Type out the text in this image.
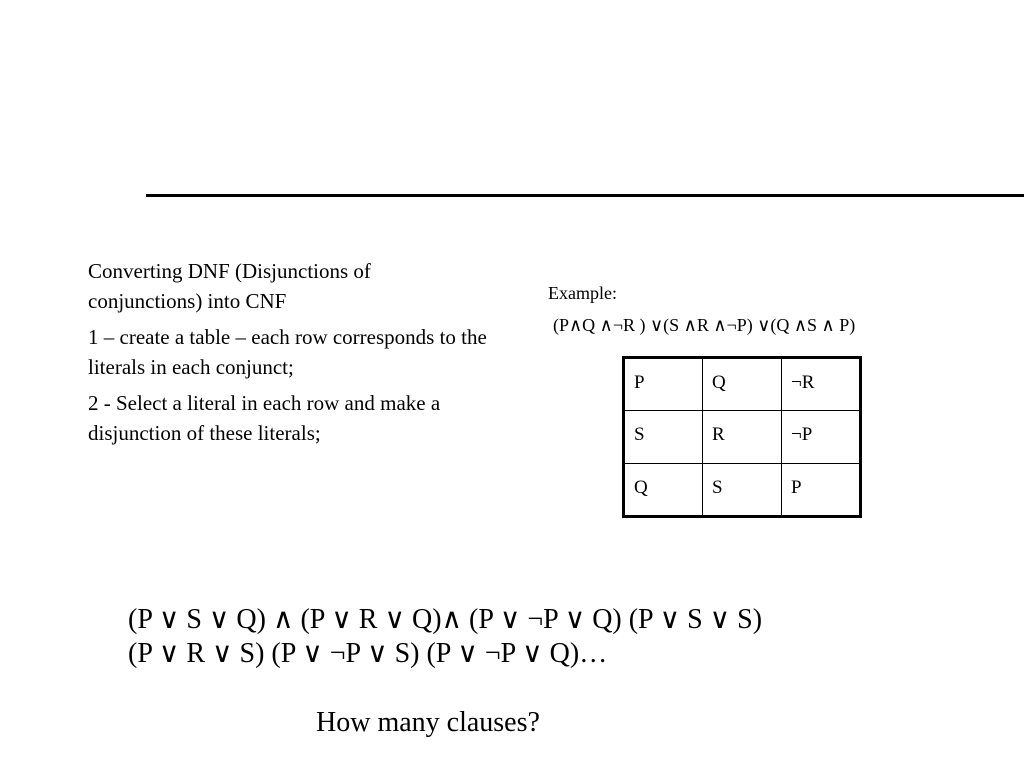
Converting DNF (Disjunctions of conjunctions) into CNF

1 – create a table – each row corresponds to the literals in each conjunct;

2 - Select a literal in each row and make a disjunction of these literals;

Example:
(P∧Q ∧¬R ) ∨(S ∧R ∧¬P) ∨(Q ∧S ∧ P)
P	Q	¬R
S	R	¬P
Q	S	P
(P ∨ S ∨ Q) ∧ (P ∨ R ∨ Q)∧ (P ∨ ¬P ∨ Q) (P ∨ S ∨ S)
(P ∨ R ∨ S) (P ∨ ¬P ∨ S) (P ∨ ¬P ∨ Q)…
How many clauses?
